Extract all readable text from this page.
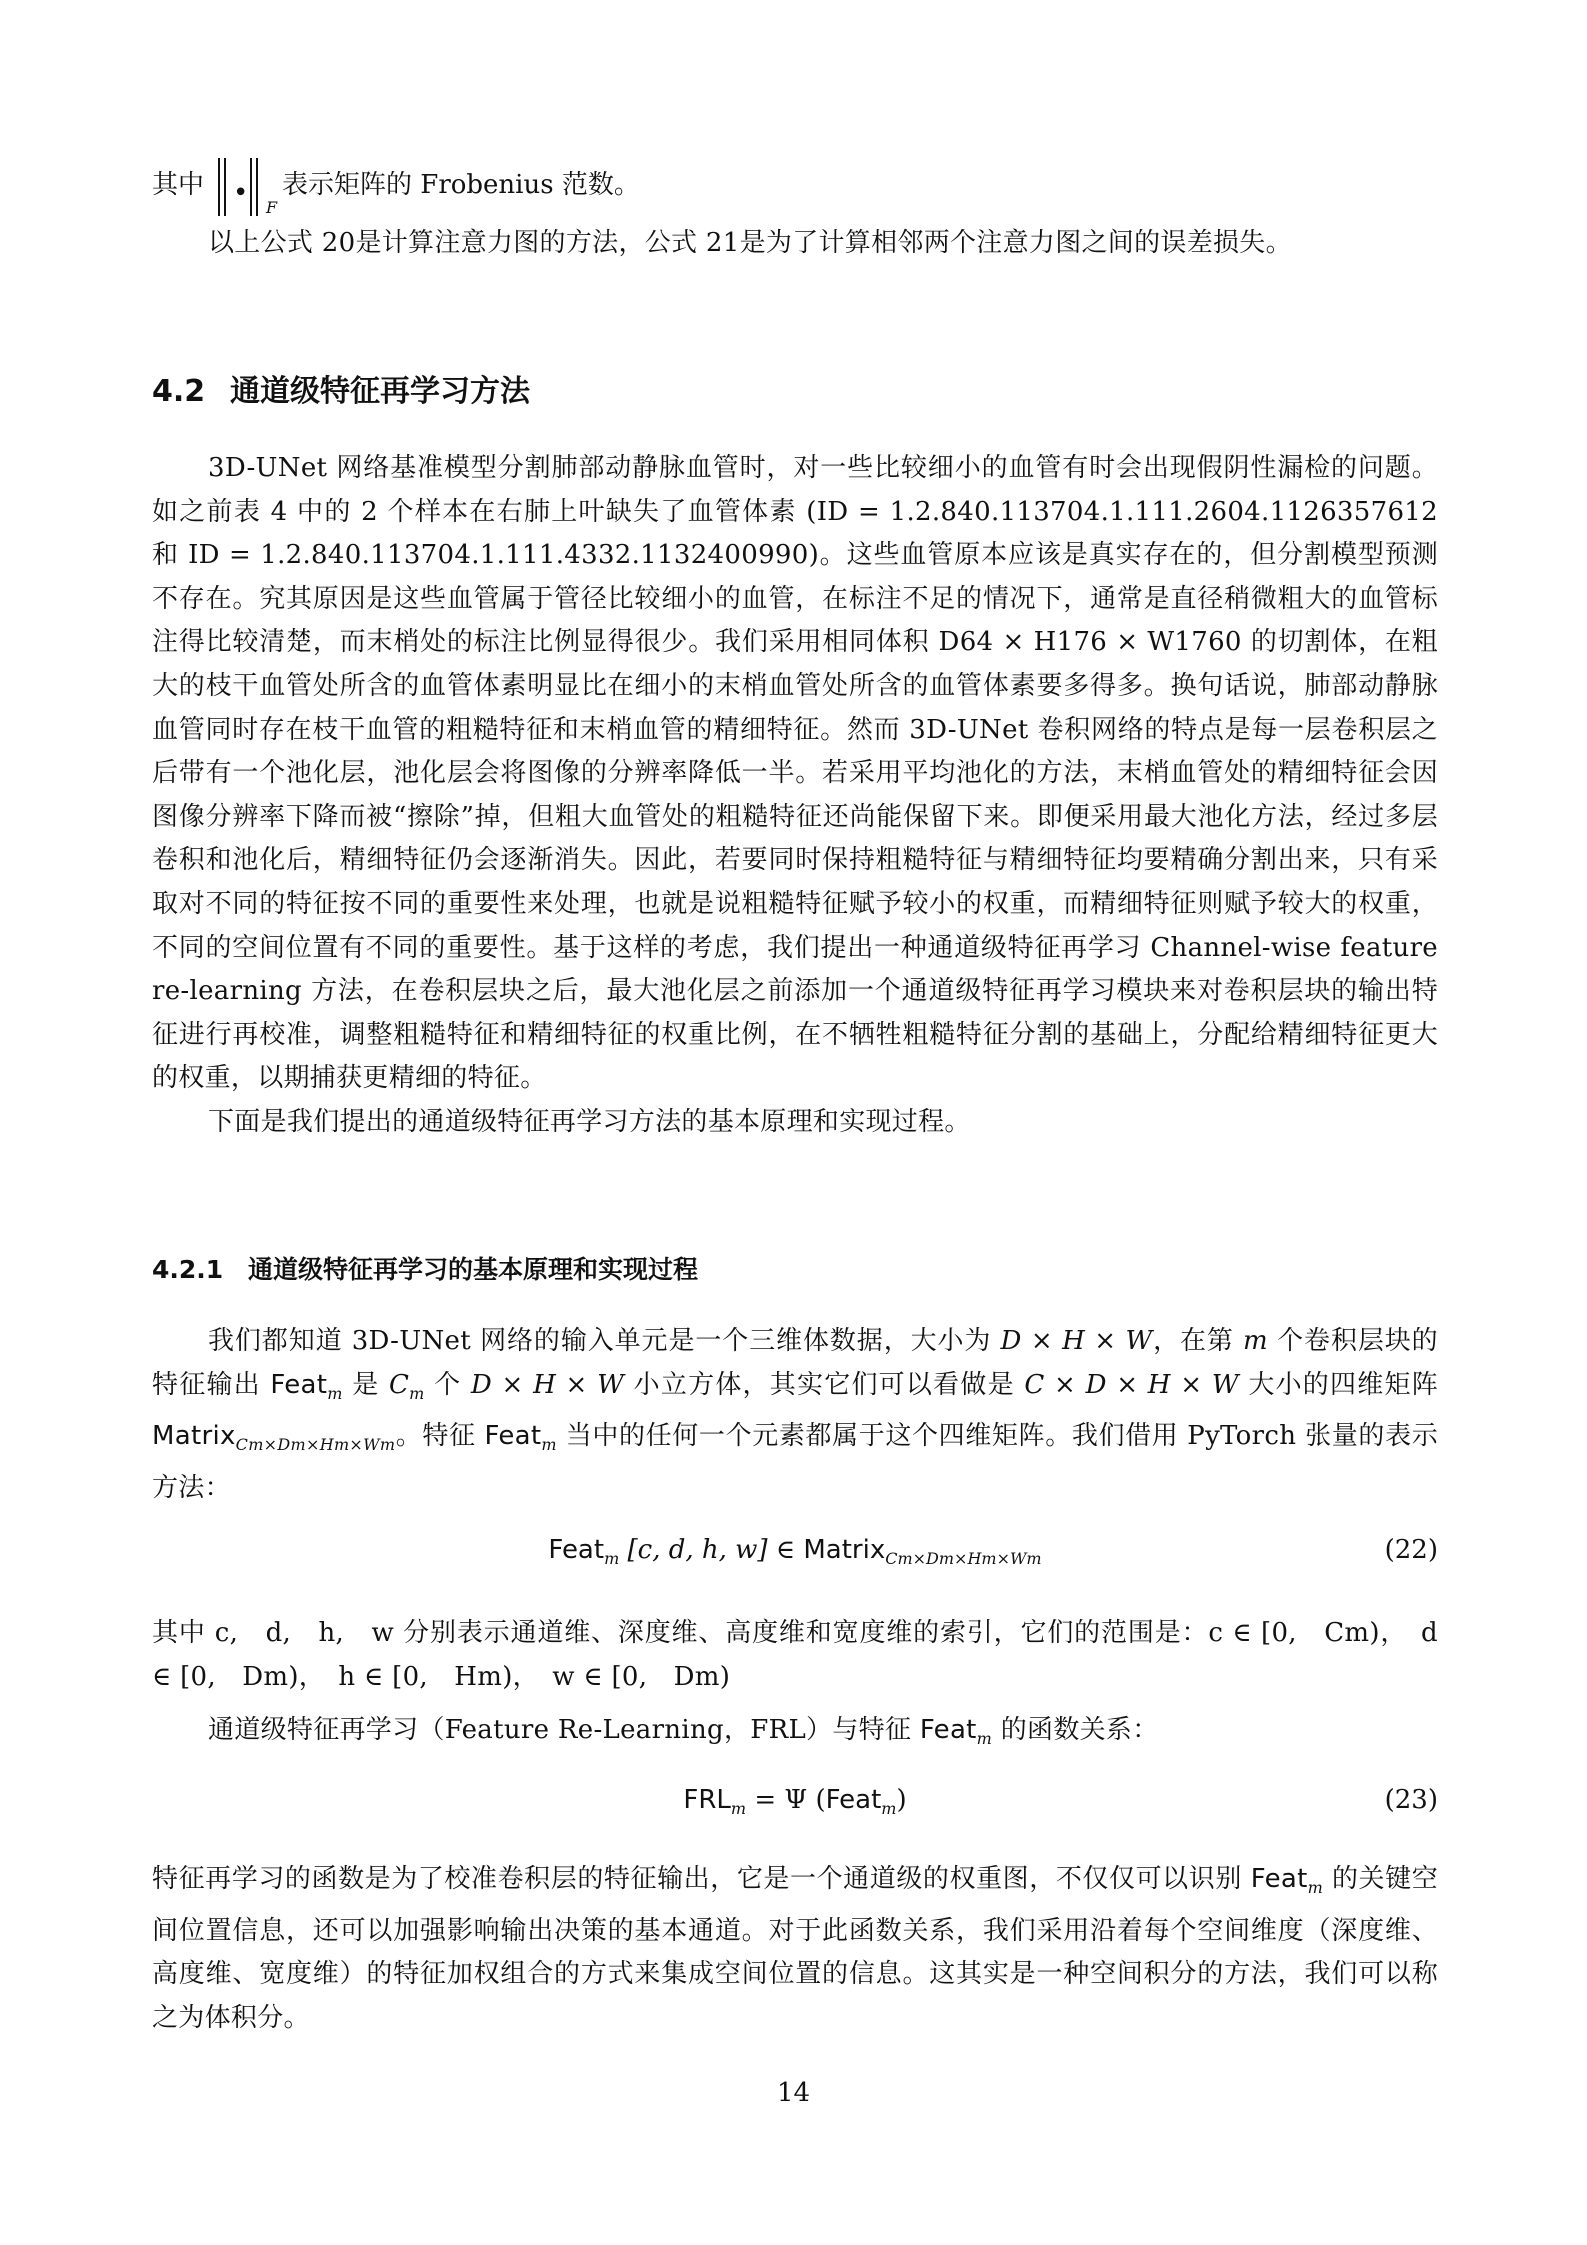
其中 • F
表示矩阵的 Frobenius 范数。

以上公式 20是计算注意力图的方法，公式 21是为了计算相邻两个注意力图之间的误差损失。

4.2 通道级特征再学习方法

3D-UNet 网络基准模型分割肺部动静脉血管时，对一些比较细小的血管有时会出现假阴性漏检的问题。如之前表 4 中的 2 个样本在右肺上叶缺失了血管体素 (ID = 1.2.840.113704.1.111.2604.1126357612 和 ID = 1.2.840.113704.1.111.4332.1132400990)。这些血管原本应该是真实存在的，但分割模型预测不存在。究其原因是这些血管属于管径比较细小的血管，在标注不足的情况下，通常是直径稍微粗大的血管标注得比较清楚，而末梢处的标注比例显得很少。我们采用相同体积 D64 × H176 × W1760 的切割体，在粗大的枝干血管处所含的血管体素明显比在细小的末梢血管处所含的血管体素要多得多。换句话说，肺部动静脉血管同时存在枝干血管的粗糙特征和末梢血管的精细特征。然而 3D-UNet 卷积网络的特点是每一层卷积层之后带有一个池化层，池化层会将图像的分辨率降低一半。若采用平均池化的方法，末梢血管处的精细特征会因图像分辨率下降而被“擦除”掉，但粗大血管处的粗糙特征还尚能保留下来。即便采用最大池化方法，经过多层卷积和池化后，精细特征仍会逐渐消失。因此，若要同时保持粗糙特征与精细特征均要精确分割出来，只有采取对不同的特征按不同的重要性来处理，也就是说粗糙特征赋予较小的权重，而精细特征则赋予较大的权重，不同的空间位置有不同的重要性。基于这样的考虑，我们提出一种通道级特征再学习 Channel-wise feature re-learning 方法，在卷积层块之后，最大池化层之前添加一个通道级特征再学习模块来对卷积层块的输出特征进行再校准，调整粗糙特征和精细特征的权重比例，在不牺牲粗糙特征分割的基础上，分配给精细特征更大的权重，以期捕获更精细的特征。

下面是我们提出的通道级特征再学习方法的基本原理和实现过程。

4.2.1 通道级特征再学习的基本原理和实现过程

我们都知道 3D-UNet 网络的输入单元是一个三维体数据，大小为 D × H × W，在第 m 个卷积层块的特征输出 Feat$_m$ 是 $C_m$ 个 D × H × W 小立方体，其实它们可以看做是 C × D × H × W 大小的四维矩阵 Matrix$_{Cm\times Dm\times Hm\times Wm}$。特征 Feat$_m$ 当中的任何一个元素都属于这个四维矩阵。我们借用 PyTorch 张量的表示方法：

Feat$_m$ [c, d, h, w] ∈ Matrix$_{Cm\times Dm\times Hm\times Wm}$	(22)

其中 c,　d,　h,　w 分别表示通道维、深度维、高度维和宽度维的索引，它们的范围是：c ∈ [0,　Cm)，　d ∈ [0,　Dm)，　h ∈ [0,　Hm)，　w ∈ [0,　Dm)

通道级特征再学习（Feature Re-Learning，FRL）与特征 Feat$_m$ 的函数关系：

$FRL_m = \Psi$ (Feat$_m$)	(23)

特征再学习的函数是为了校准卷积层的特征输出，它是一个通道级的权重图，不仅仅可以识别 Feat$_m$ 的关键空间位置信息，还可以加强影响输出决策的基本通道。对于此函数关系，我们采用沿着每个空间维度（深度维、高度维、宽度维）的特征加权组合的方式来集成空间位置的信息。这其实是一种空间积分的方法，我们可以称之为体积分。

14
